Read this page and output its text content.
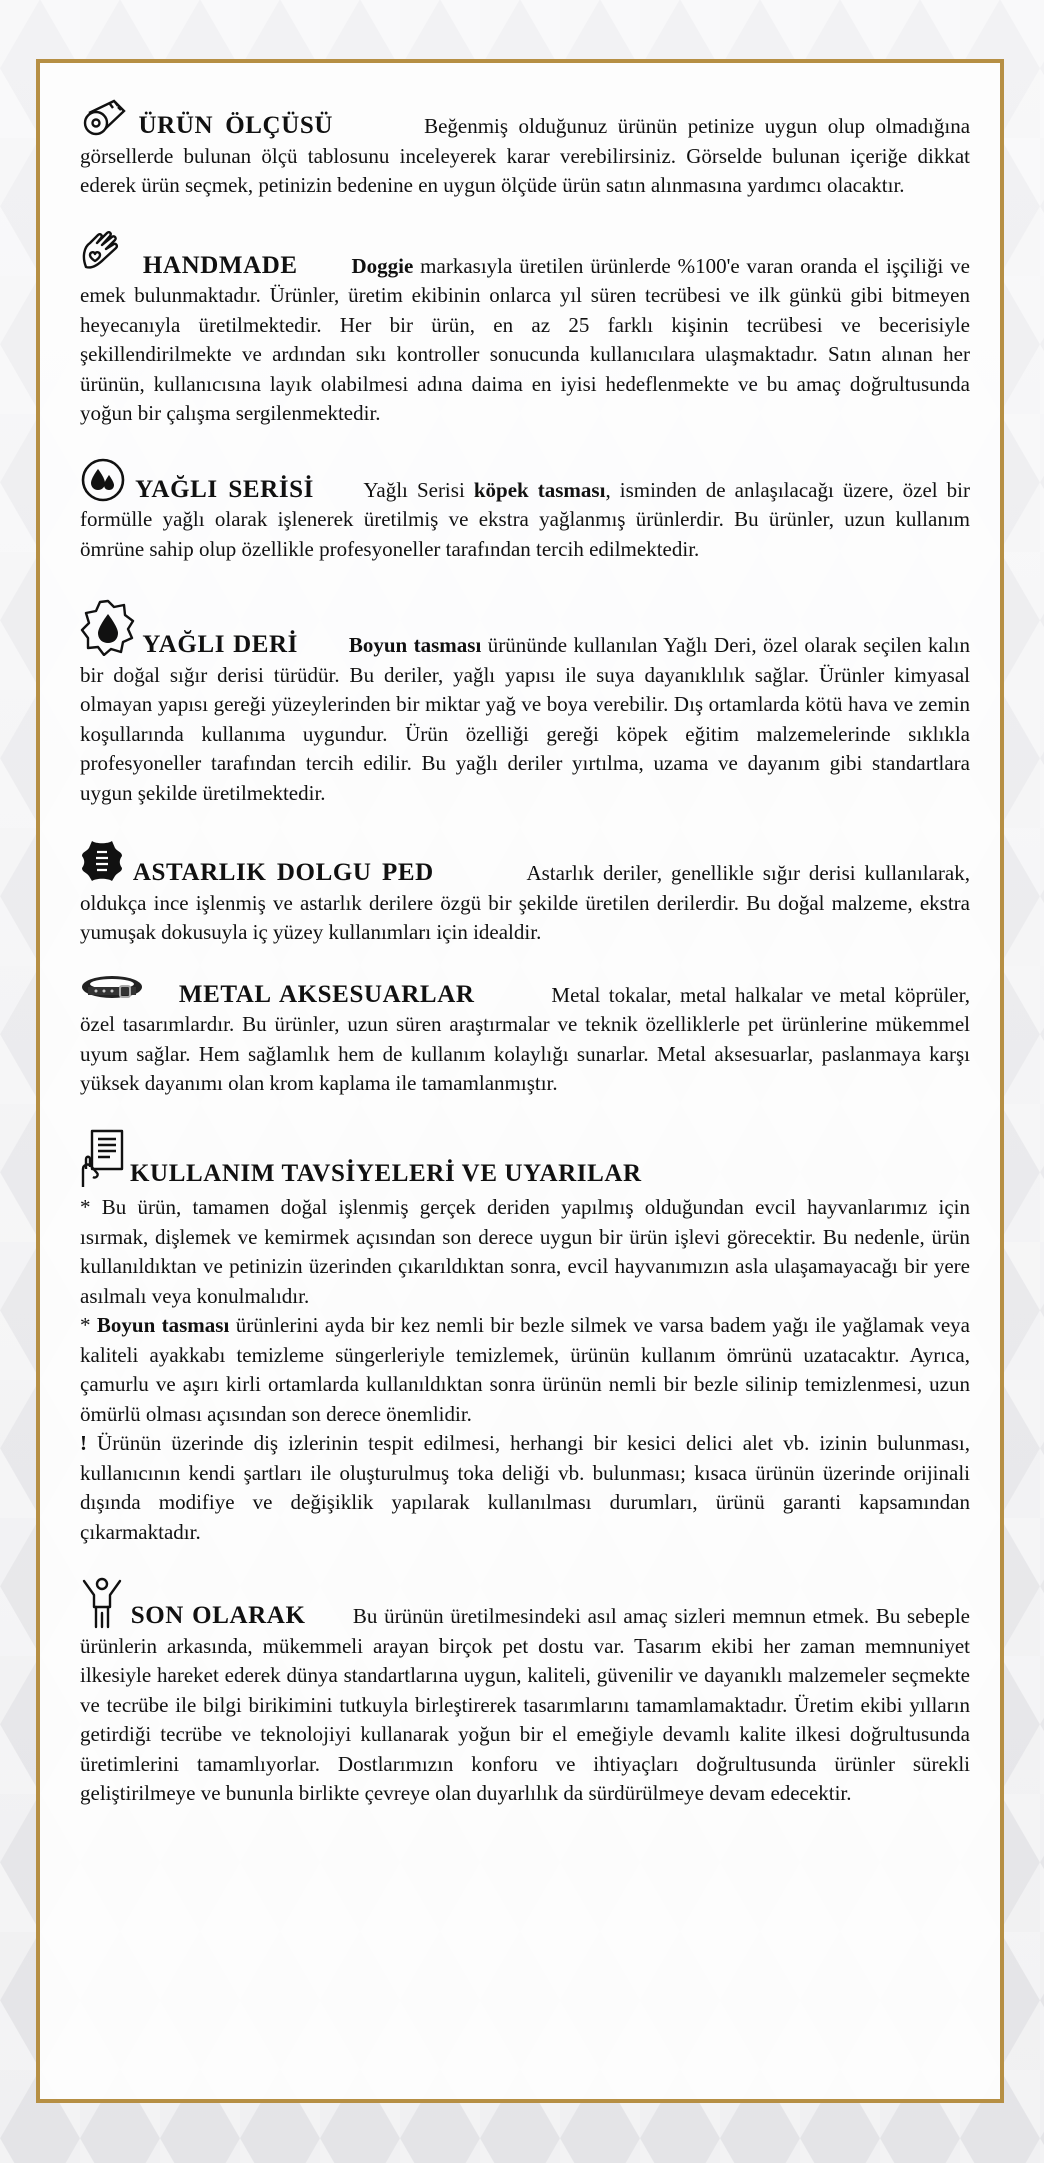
ÜRÜN ÖLÇÜSÜ	Beğenmiş olduğunuz ürünün petinize uygun olup olmadığına görsellerde bulunan ölçü tablosunu inceleyerek karar verebilirsiniz. Görselde bulunan içeriğe dikkat ederek ürün seçmek, petinizin bedenine en uygun ölçüde ürün satın alınmasına yardımcı olacaktır.

HANDMADE	Doggie markasıyla üretilen ürünlerde %100'e varan oranda el işçiliği ve emek bulunmaktadır. Ürünler, üretim ekibinin onlarca yıl süren tecrübesi ve ilk günkü gibi bitmeyen heyecanıyla üretilmektedir. Her bir ürün, en az 25 farklı kişinin tecrübesi ve becerisiyle şekillendirilmekte ve ardından sıkı kontroller sonucunda kullanıcılara ulaşmaktadır. Satın alınan her ürünün, kullanıcısına layık olabilmesi adına daima en iyisi hedeflenmekte ve bu amaç doğrultusunda yoğun bir çalışma sergilenmektedir.

YAĞLI SERİSİ Yağlı Serisi köpek tasması, isminden de anlaşılacağı üzere, özel bir formülle yağlı olarak işlenerek üretilmiş ve ekstra yağlanmış ürünlerdir. Bu ürünler, uzun kullanım ömrüne sahip olup özellikle profesyoneller tarafından tercih edilmektedir.

YAĞLI DERİ Boyun tasması ürününde kullanılan Yağlı Deri, özel olarak seçilen kalın bir doğal sığır derisi türüdür. Bu deriler, yağlı yapısı ile suya dayanıklılık sağlar. Ürünler kimyasal olmayan yapısı gereği yüzeylerinden bir miktar yağ ve boya verebilir. Dış ortamlarda kötü hava ve zemin koşullarında kullanıma uygundur. Ürün özelliği gereği köpek eğitim malzemelerinde sıklıkla profesyoneller tarafından tercih edilir. Bu yağlı deriler yırtılma, uzama ve dayanım gibi standartlara uygun şekilde üretilmektedir.

ASTARLIK DOLGU PED	Astarlık deriler, genellikle sığır derisi kullanılarak, oldukça ince işlenmiş ve astarlık derilere özgü bir şekilde üretilen derilerdir. Bu doğal malzeme, ekstra yumuşak dokusuyla iç yüzey kullanımları için idealdir.

METAL AKSESUARLAR	Metal tokalar, metal halkalar ve metal köprüler, özel tasarımlardır. Bu ürünler, uzun süren araştırmalar ve teknik özelliklerle pet ürünlerine mükemmel uyum sağlar. Hem sağlamlık hem de kullanım kolaylığı sunarlar. Metal aksesuarlar, paslanmaya karşı yüksek dayanımı olan krom kaplama ile tamamlanmıştır.

KULLANIM TAVSİYELERİ VE UYARILAR

* Bu ürün, tamamen doğal işlenmiş gerçek deriden yapılmış olduğundan evcil hayvanlarımız için ısırmak, dişlemek ve kemirmek açısından son derece uygun bir ürün işlevi görecektir. Bu nedenle, ürün kullanıldıktan ve petinizin üzerinden çıkarıldıktan sonra, evcil hayvanımızın asla ulaşamayacağı bir yere asılmalı veya konulmalıdır.

* Boyun tasması ürünlerini ayda bir kez nemli bir bezle silmek ve varsa badem yağı ile yağlamak veya kaliteli ayakkabı temizleme süngerleriyle temizlemek, ürünün kullanım ömrünü uzatacaktır. Ayrıca, çamurlu ve aşırı kirli ortamlarda kullanıldıktan sonra ürünün nemli bir bezle silinip temizlenmesi, uzun ömürlü olması açısından son derece önemlidir.

! Ürünün üzerinde diş izlerinin tespit edilmesi, herhangi bir kesici delici alet vb. izinin bulunması, kullanıcının kendi şartları ile oluşturulmuş toka deliği vb. bulunması; kısaca ürünün üzerinde orijinali dışında modifiye ve değişiklik yapılarak kullanılması durumları, ürünü garanti kapsamından çıkarmaktadır.

SON OLARAK Bu ürünün üretilmesindeki asıl amaç sizleri memnun etmek. Bu sebeple ürünlerin arkasında, mükemmeli arayan birçok pet dostu var. Tasarım ekibi her zaman memnuniyet ilkesiyle hareket ederek dünya standartlarına uygun, kaliteli, güvenilir ve dayanıklı malzemeler seçmekte ve tecrübe ile bilgi birikimini tutkuyla birleştirerek tasarımlarını tamamlamaktadır. Üretim ekibi yılların getirdiği tecrübe ve teknolojiyi kullanarak yoğun bir el emeğiyle devamlı kalite ilkesi doğrultusunda üretimlerini tamamlıyorlar. Dostlarımızın konforu ve ihtiyaçları doğrultusunda ürünler sürekli geliştirilmeye ve bununla birlikte çevreye olan duyarlılık da sürdürülmeye devam edecektir.
